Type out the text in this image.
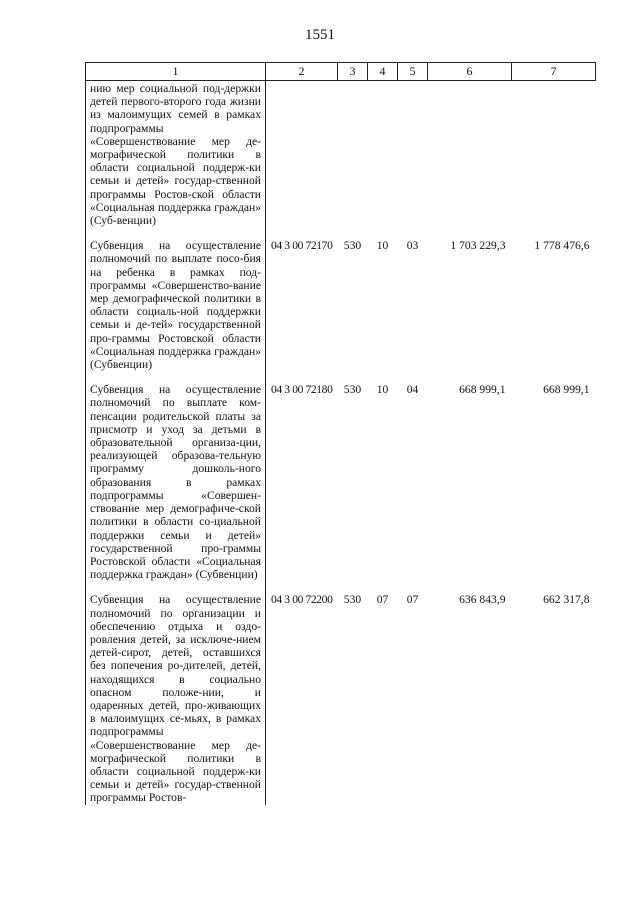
1551
1	2	3	4	5	6	7
нию мер социальной под-держки детей первого-второго года жизни из малоимущих семей в рамках подпрограммы «Совершенствование мер де-мографической политики в области социальной поддерж-ки семьи и детей» государ-ственной программы Ростов-ской области «Социальная поддержка граждан» (Суб-венции)						
Субвенция на осуществление полномочий по выплате посо-бия на ребенка в рамках под-программы «Совершенство-вание мер демографической политики в области социаль-ной поддержки семьи и де-тей» государственной про-граммы Ростовской области «Социальная поддержка граждан» (Субвенции)	04 3 00 72170	530	10	03	1 703 229,3	1 778 476,6
Субвенция на осуществление полномочий по выплате ком-пенсации родительской платы за присмотр и уход за детьми в образовательной организа-ции, реализующей образова-тельную программу дошколь-ного образования в рамках подпрограммы «Совершен-ствование мер демографиче-ской политики в области со-циальной поддержки семьи и детей» государственной про-граммы Ростовской области «Социальная поддержка граждан» (Субвенции)	04 3 00 72180	530	10	04	668 999,1	668 999,1
Субвенция на осуществление полномочий по организации и обеспечению отдыха и оздо-ровления детей, за исключе-нием детей-сирот, детей, оставшихся без попечения ро-дителей, детей, находящихся в социально опасном положе-нии, и одаренных детей, про-живающих в малоимущих се-мьях, в рамках подпрограммы «Совершенствование мер де-мографической политики в области социальной поддерж-ки семьи и детей» государ-ственной программы Ростов-	04 3 00 72200	530	07	07	636 843,9	662 317,8
